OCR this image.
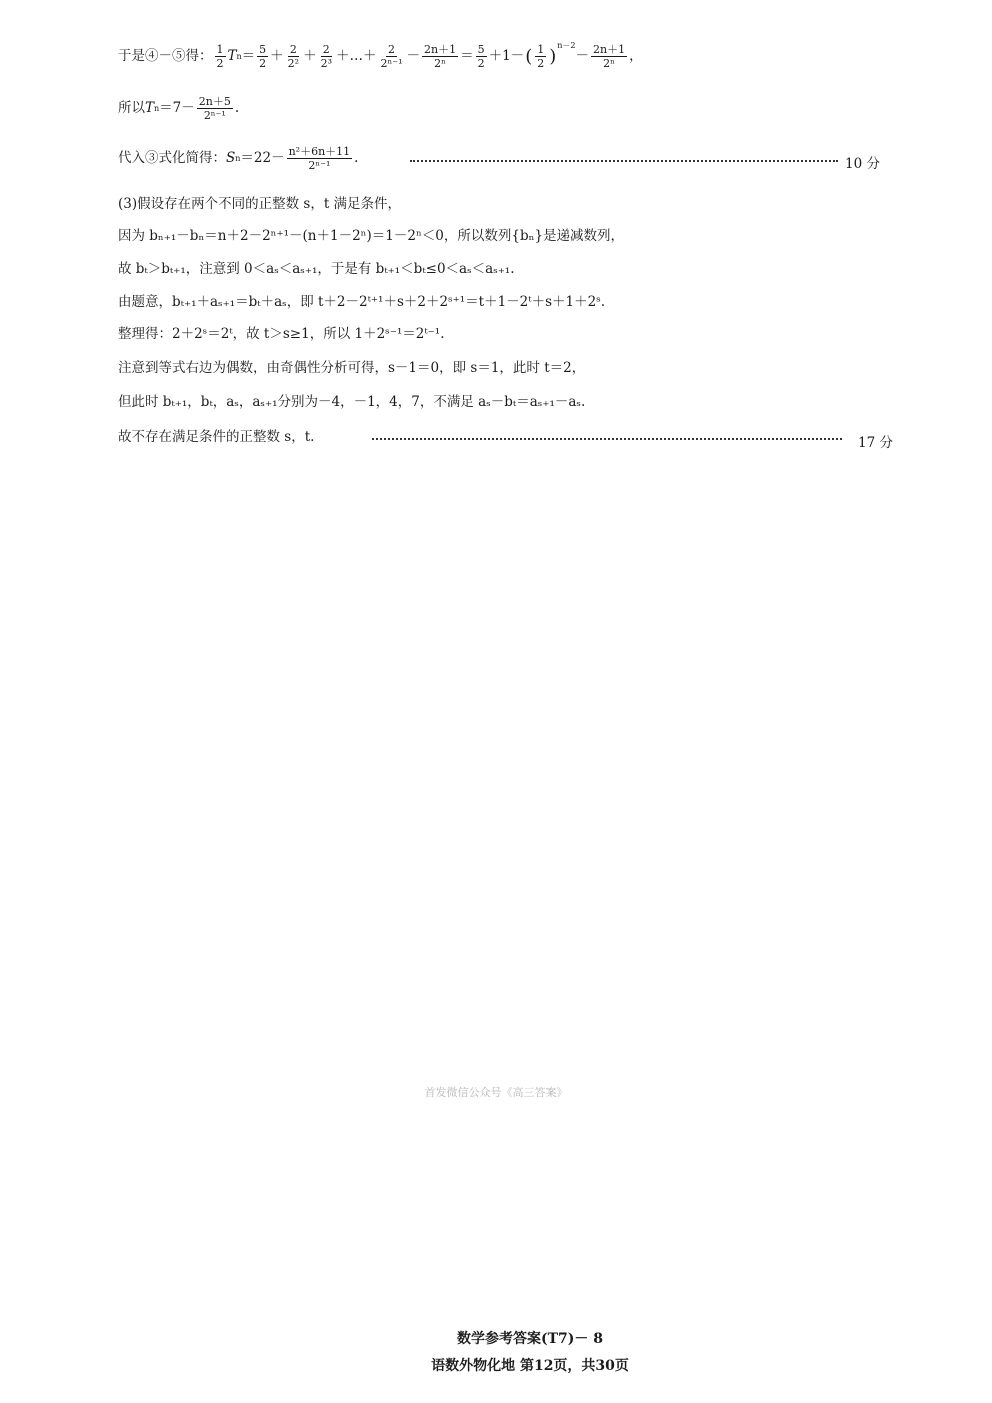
于是④－⑤得： $\frac{1}{2}$ T $n = \frac{5}{2} + \frac{2}{\text{2²}} + \frac{2}{\text{2³}}$ ＋…＋ $\frac{2}{\text{2ⁿ⁻¹}} - \frac{2n+1}{\text{2ⁿ}} = \frac{5}{2} +1-$ ( $\frac{1}{2} )^{n-2}$
－ $\frac{2n+1}{\text{2ⁿ}}$ ，
所以 T $n =7- \frac{2n+5}{\text{2ⁿ⁻¹}}$ .
代入③式化简得： S $n =22- \frac{\text{n²＋6n＋11}}{\text{2ⁿ⁻¹}}$ .	10 分
(3)假设存在两个不同的正整数 s，t 满足条件，
因为 bₙ₊₁－bₙ＝n＋2－2ⁿ⁺¹－(n＋1－2ⁿ)＝1－2ⁿ＜0，所以数列{bₙ}是递减数列，
故 bₜ＞bₜ₊₁，注意到 0＜aₛ＜aₛ₊₁，于是有 bₜ₊₁＜bₜ≤0＜aₛ＜aₛ₊₁.
由题意，bₜ₊₁＋aₛ₊₁＝bₜ＋aₛ，即 t＋2－2ᵗ⁺¹＋s＋2＋2ˢ⁺¹＝t＋1－2ᵗ＋s＋1＋2ˢ.
整理得：2＋2ˢ＝2ᵗ，故 t＞s≥1，所以 1＋2ˢ⁻¹＝2ᵗ⁻¹.
注意到等式右边为偶数，由奇偶性分析可得，s－1＝0，即 s＝1，此时 t＝2，
但此时 bₜ₊₁，bₜ，aₛ，aₛ₊₁分别为－4，－1，4，7，不满足 aₛ－bₜ＝aₛ₊₁－aₛ.
故不存在满足条件的正整数 s，t.	17 分
首发微信公众号《高三答案》
数学参考答案(T7)－ 8
语数外物化地 第12页，共30页
